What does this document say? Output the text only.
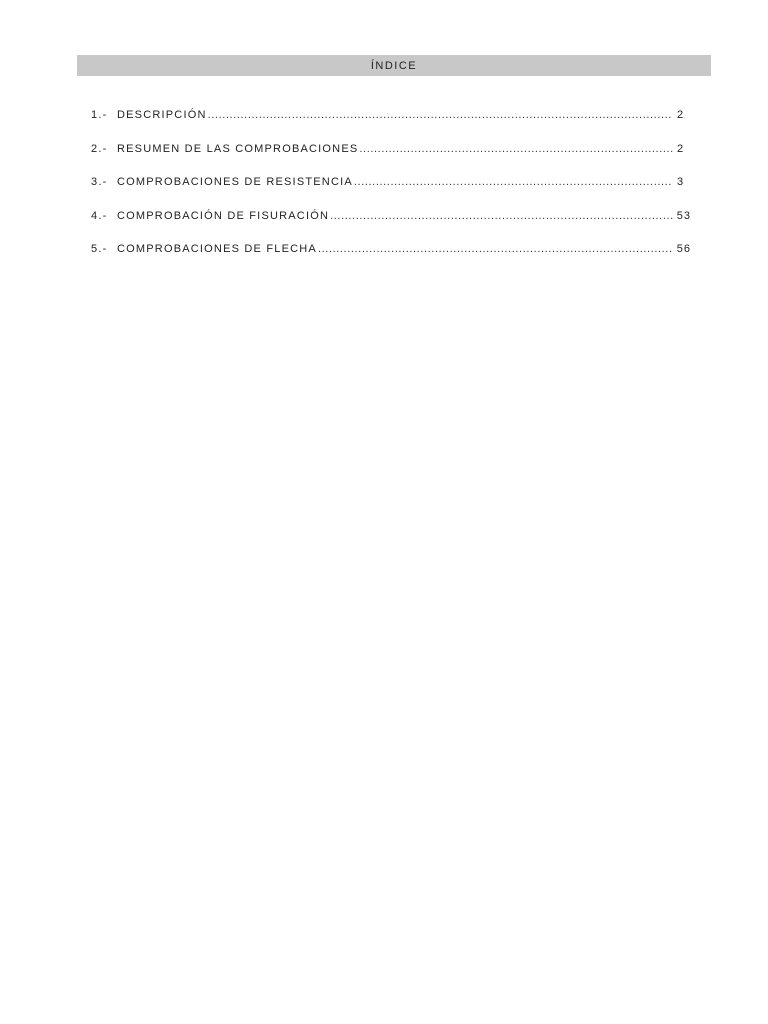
ÍNDICE
1.- DESCRIPCIÓN .....	2
2.- RESUMEN DE LAS COMPROBACIONES .....	2
3.- COMPROBACIONES DE RESISTENCIA .....	3
4.- COMPROBACIÓN DE FISURACIÓN .....	53
5.- COMPROBACIONES DE FLECHA .....	56
